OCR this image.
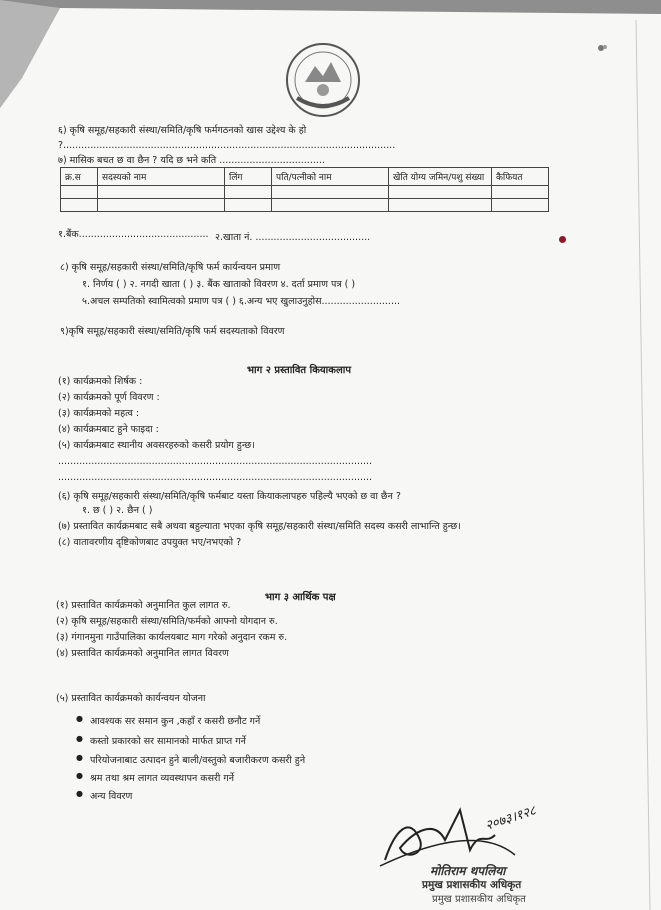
६) कृषि समूह/सहकारी संस्था/समिति/कृषि फर्मगठनको खास उद्देश्य के हो
?..............................................................................................................
७) मासिक बचत छ वा छैन ? यदि छ भने कति ...................................
क्र.स	सदस्यको नाम	लिंग	पति/पत्नीको नाम	खेति योग्य जमिन/पशु संख्या	कैफियत

१.बैंक........................................... २.खाता नं. ......................................
८) कृषि समूह/सहकारी संस्था/समिति/कृषि फर्म कार्यन्वयन प्रमाण
१. निर्णय ( ) २. नगदी खाता ( ) ३. बैंक खाताको विवरण ४. दर्ता प्रमाण पत्र ( )
५.अचल सम्पतिको स्वामित्वको प्रमाण पत्र ( ) ६.अन्य भए खुलाउनुहोस..........................
९)कृषि समूह/सहकारी संस्था/समिति/कृषि फर्म सदस्यताको विवरण
भाग २ प्रस्तावित कियाकलाप
(१) कार्यक्रमको शिर्षक :
(२) कार्यक्रमको पूर्ण विवरण :
(३) कार्यक्रमको महत्व :
(४) कार्यक्रमबाट हुने फाइदा :
(५) कार्यक्रमबाट स्थानीय अवसरहरुको कसरी प्रयोग हुन्छ।
........................................................................................................
........................................................................................................
(६) कृषि समूह/सहकारी संस्था/समिति/कृषि फर्मबाट यस्ता कियाकलापहरु पहिल्यै भएको छ वा छैन ?
१. छ ( ) २. छैन ( )
(७) प्रस्तावित कार्यक्रमबाट सबै अथवा बहुल्याता भएका कृषि समूह/सहकारी संस्था/समिति सदस्य कसरी लाभान्ति हुन्छ।
(८) वातावरणीय दृष्टिकोणबाट उपयुक्त भए/नभएको ?
भाग ३ आर्थिक पक्ष
(१) प्रस्तावित कार्यक्रमको अनुमानित कुल लागत रु.
(२) कृषि समूह/सहकारी संस्था/समिति/फर्मको आफ्नो योगदान रु.
(३) गंगानमुना गाउँपालिका कार्यलयबाट माग गरेको अनुदान रकम रु.
(४) प्रस्तावित कार्यक्रमको अनुमानित लागत विवरण
(५) प्रस्तावित कार्यक्रमको कार्यन्वयन योजना
● आवश्यक सर समान कुन ,कहाँ र कसरी छनौट गर्ने
● कस्तो प्रकारको सर सामानको मार्फत प्राप्त गर्ने
● परियोजनाबाट उत्पादन हुने बाली/वस्तुको बजारीकरण कसरी हुने
● श्रम तथा श्रम लागत व्यवस्थापन कसरी गर्ने
● अन्य विवरण
२०७३।१२८
मोतिराम थपलिया
प्रमुख प्रशासकीय अधिकृत
प्रमुख प्रशासकीय अधिकृत
